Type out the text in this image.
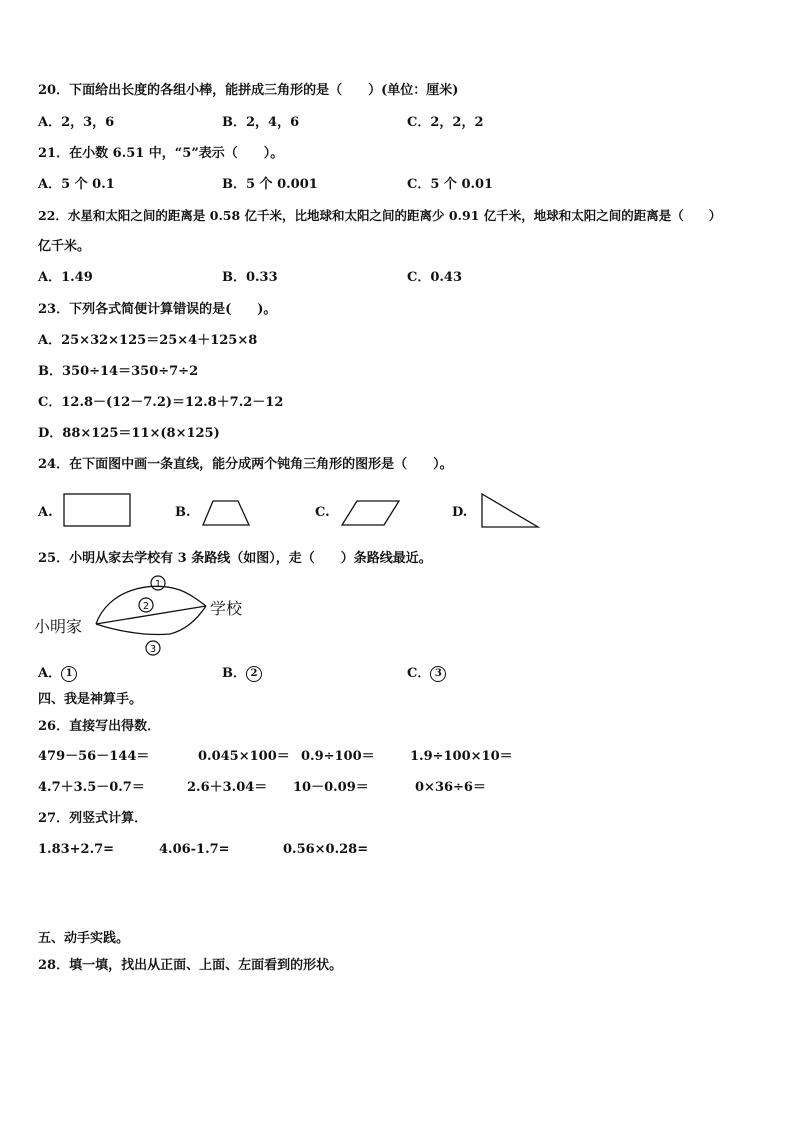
20．下面给出长度的各组小棒，能拼成三角形的是（　　）(单位：厘米)
A．2，3，6	B．2，4，6	C．2，2，2
21．在小数 6.51 中，“5”表示（　　）。
A．5 个 0.1	B．5 个 0.001	C．5 个 0.01
22．水星和太阳之间的距离是 0.58 亿千米，比地球和太阳之间的距离少 0.91 亿千米，地球和太阳之间的距离是（　　）
亿千米。
A．1.49	B．0.33	C．0.43
23．下列各式简便计算错误的是(　　)。
A．25×32×125＝25×4＋125×8
B．350÷14＝350÷7÷2
C．12.8－(12－7.2)＝12.8＋7.2－12
D．88×125＝11×(8×125)
24．在下面图中画一条直线，能分成两个钝角三角形的图形是（　　）。
A.	B.	C.	D.
25．小明从家去学校有 3 条路线（如图），走（　　）条路线最近。
小明家
学校
1
2
3
A． 1	B． 2	C． 3
四、我是神算手。
26．直接写出得数．
479－56－144＝	0.045×100＝ 0.9÷100＝	1.9÷100×10＝
4.7＋3.5－0.7＝	2.6＋3.04＝ 10－0.09＝	0×36÷6＝
27．列竖式计算．
1.83+2.7=	4.06-1.7=	0.56×0.28=
五、动手实践。
28．填一填，找出从正面、上面、左面看到的形状。
